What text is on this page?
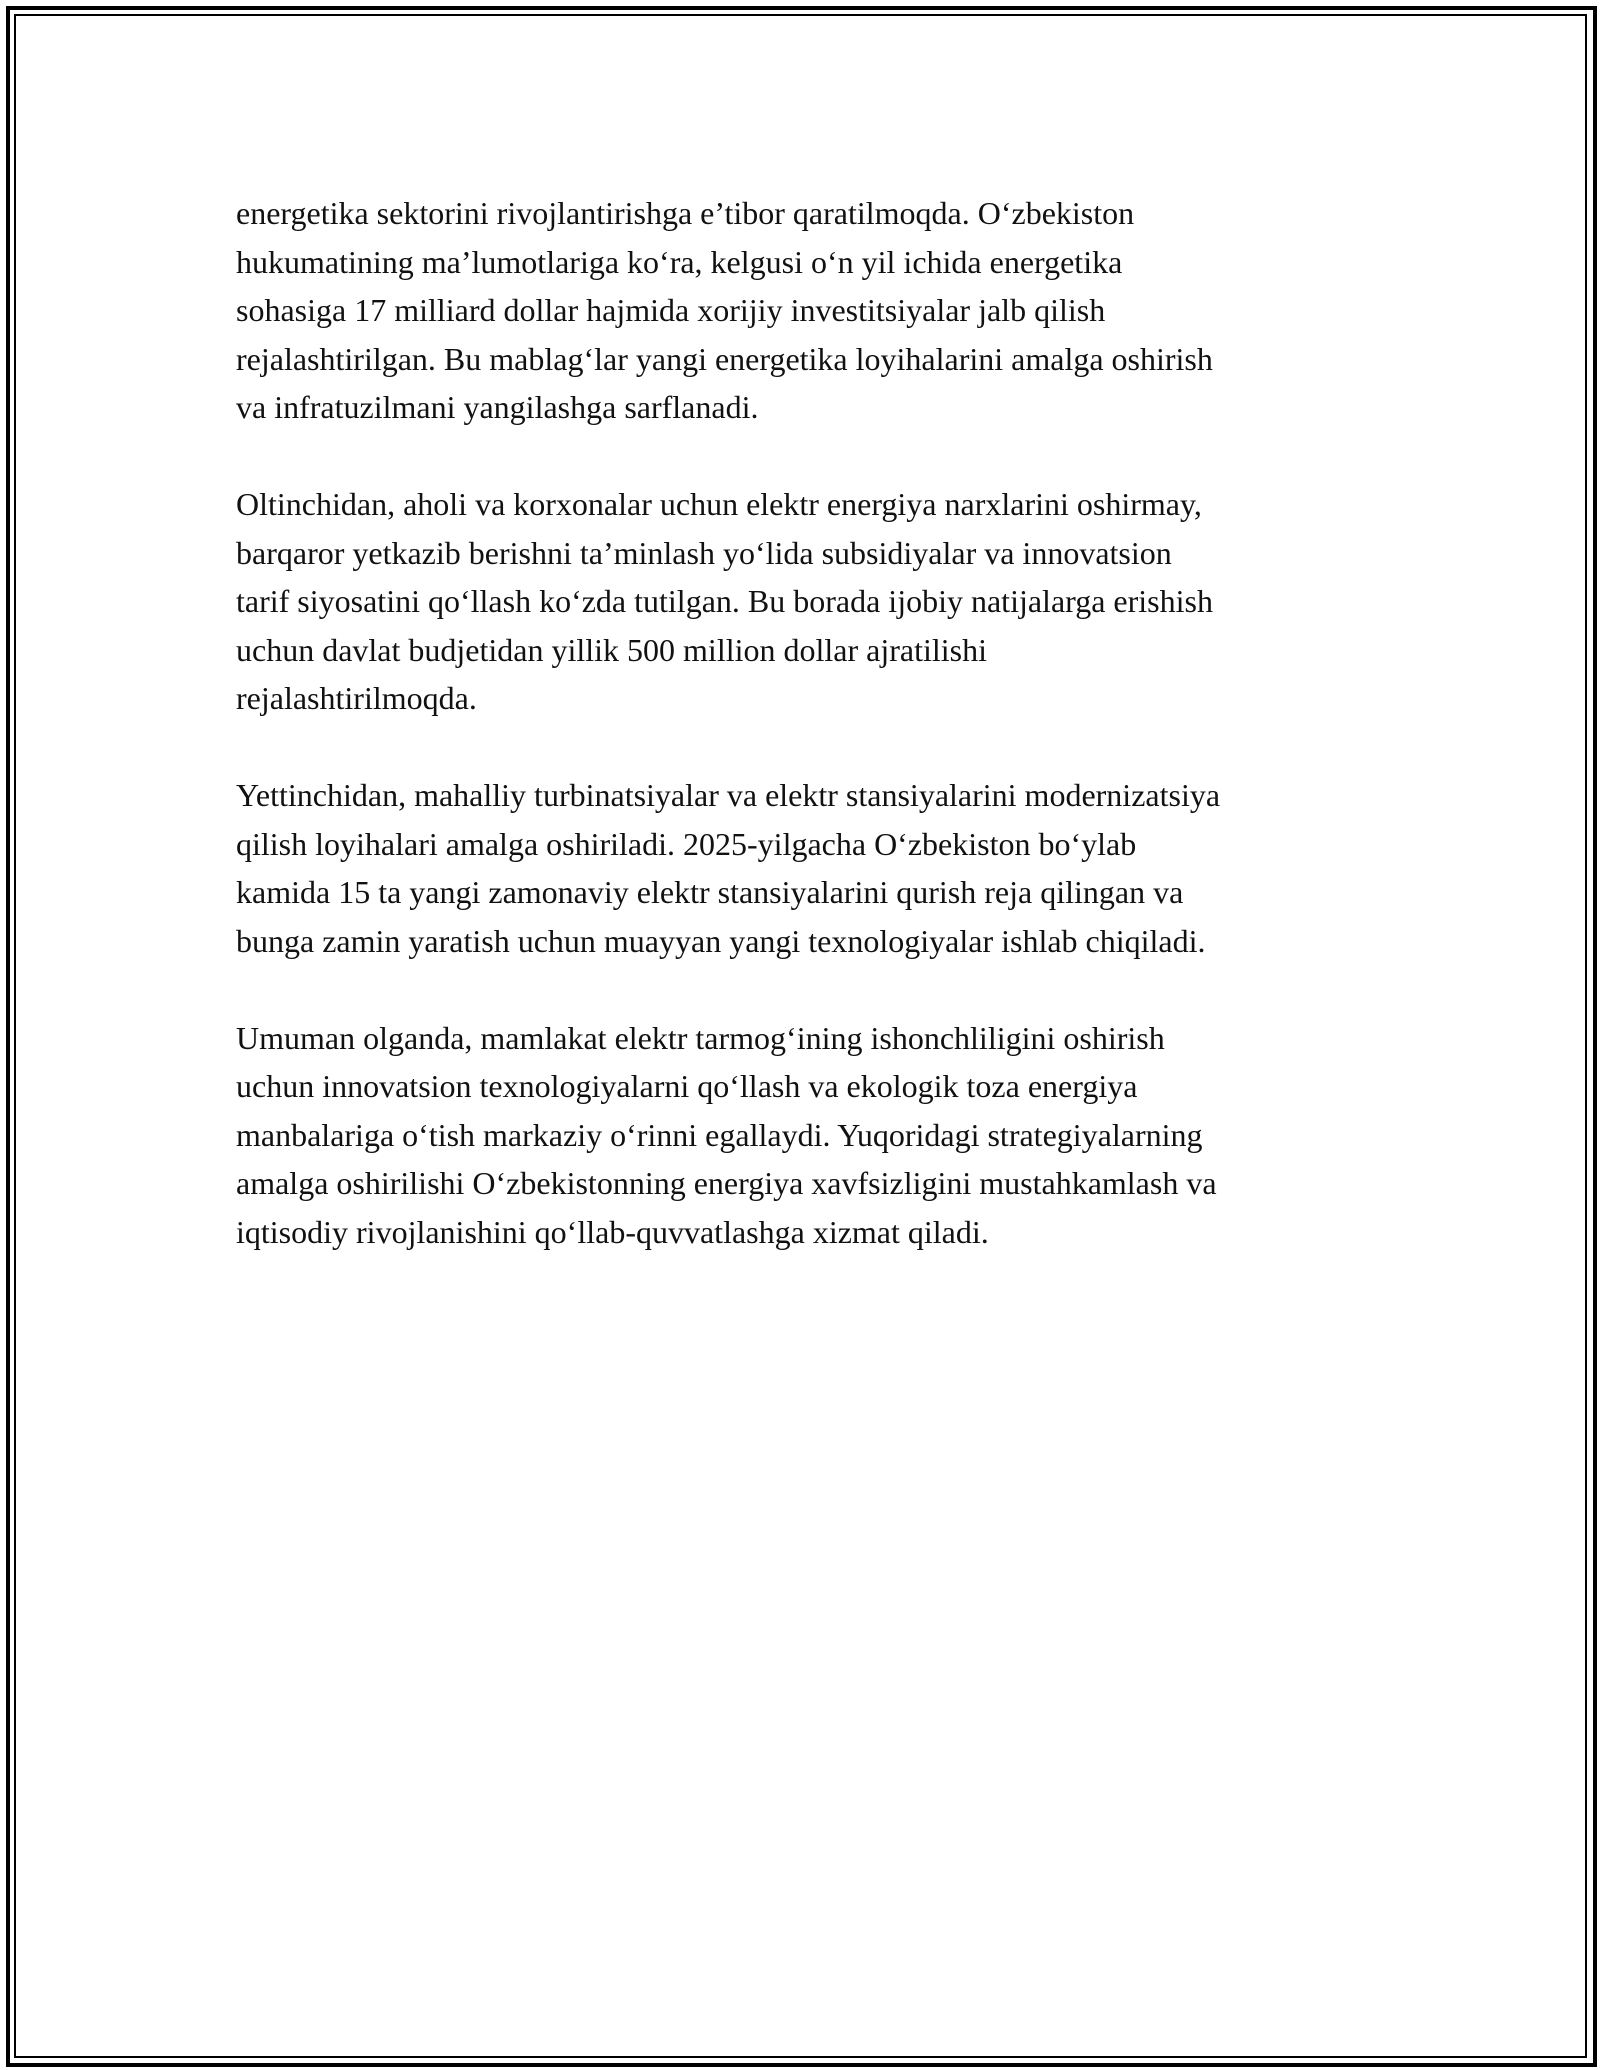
energetika sektorini rivojlantirishga e’tibor qaratilmoqda. O‘zbekiston
hukumatining ma’lumotlariga ko‘ra, kelgusi o‘n yil ichida energetika
sohasiga 17 milliard dollar hajmida xorijiy investitsiyalar jalb qilish
rejalashtirilgan. Bu mablag‘lar yangi energetika loyihalarini amalga oshirish
va infratuzilmani yangilashga sarflanadi.

Oltinchidan, aholi va korxonalar uchun elektr energiya narxlarini oshirmay,
barqaror yetkazib berishni ta’minlash yo‘lida subsidiyalar va innovatsion
tarif siyosatini qo‘llash ko‘zda tutilgan. Bu borada ijobiy natijalarga erishish
uchun davlat budjetidan yillik 500 million dollar ajratilishi
rejalashtirilmoqda.

Yettinchidan, mahalliy turbinatsiyalar va elektr stansiyalarini modernizatsiya
qilish loyihalari amalga oshiriladi. 2025-yilgacha O‘zbekiston bo‘ylab
kamida 15 ta yangi zamonaviy elektr stansiyalarini qurish reja qilingan va
bunga zamin yaratish uchun muayyan yangi texnologiyalar ishlab chiqiladi.

Umuman olganda, mamlakat elektr tarmog‘ining ishonchliligini oshirish
uchun innovatsion texnologiyalarni qo‘llash va ekologik toza energiya
manbalariga o‘tish markaziy o‘rinni egallaydi. Yuqoridagi strategiyalarning
amalga oshirilishi O‘zbekistonning energiya xavfsizligini mustahkamlash va
iqtisodiy rivojlanishini qo‘llab-quvvatlashga xizmat qiladi.
